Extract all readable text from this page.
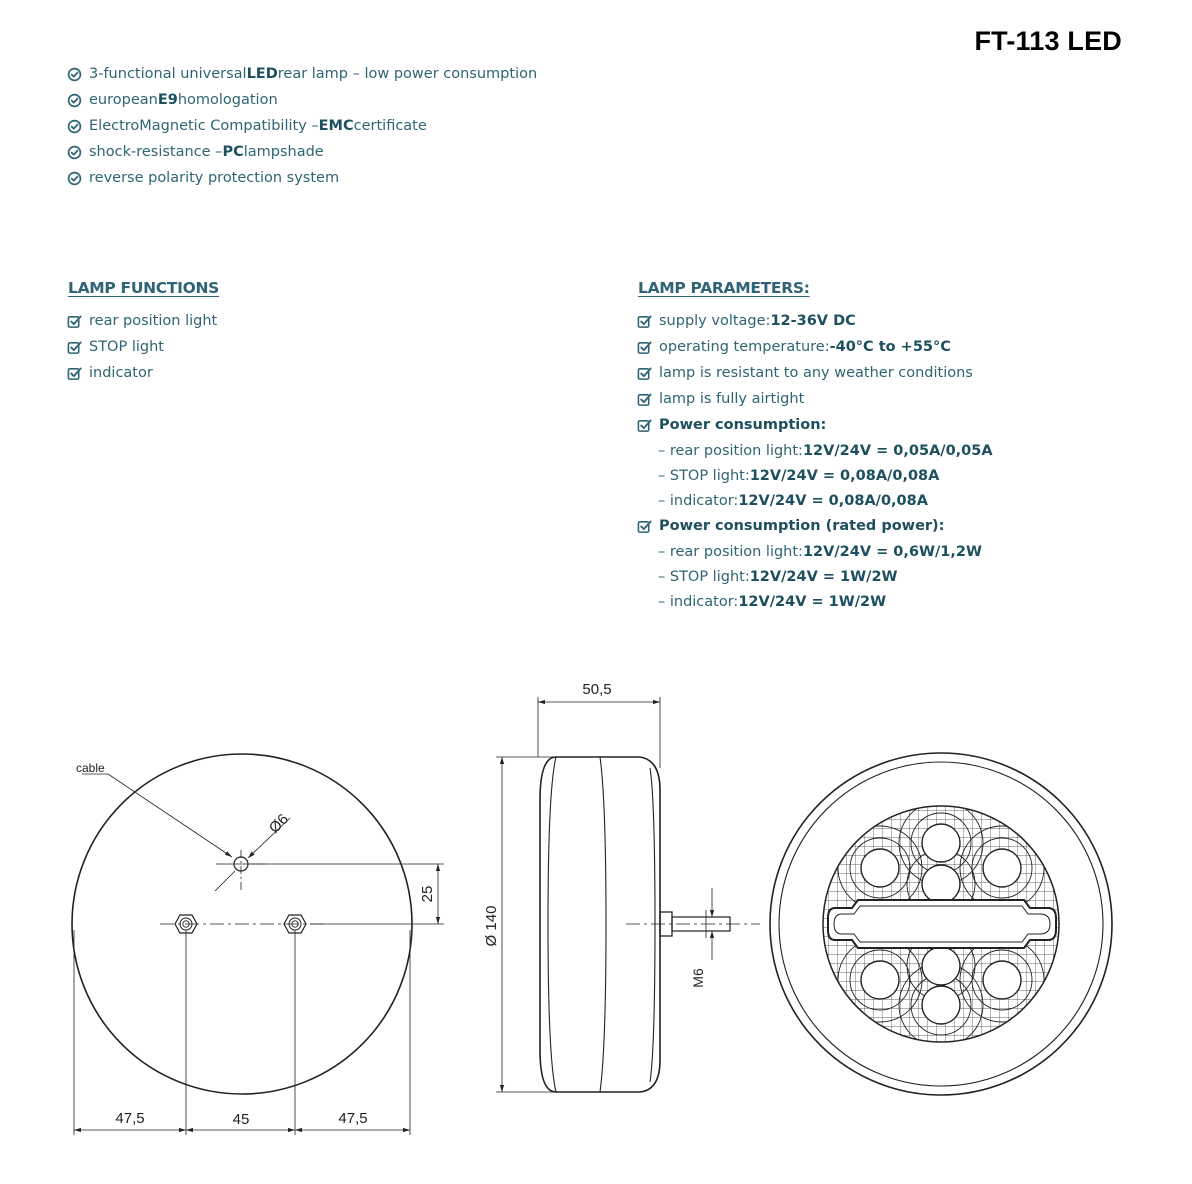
FT-113 LED
3-functional universal LED rear lamp – low power consumption
european E9 homologation
ElectroMagnetic Compatibility – EMC certificate
shock-resistance – PC lampshade
reverse polarity protection system
LAMP FUNCTIONS
rear position light
STOP light
indicator
LAMP PARAMETERS:
supply voltage: 12-36V DC
operating temperature: -40°C to +55°C
lamp is resistant to any weather conditions
lamp is fully airtight
Power consumption:
– rear position light: 12V/24V = 0,05A/0,05A
– STOP light: 12V/24V = 0,08A/0,08A
– indicator: 12V/24V = 0,08A/0,08A
Power consumption (rated power):
– rear position light: 12V/24V = 0,6W/1,2W
– STOP light: 12V/24V = 1W/2W
– indicator: 12V/24V = 1W/2W
cable
Ø6
25
47,5	45	47,5
50,5
Ø 140
M6
